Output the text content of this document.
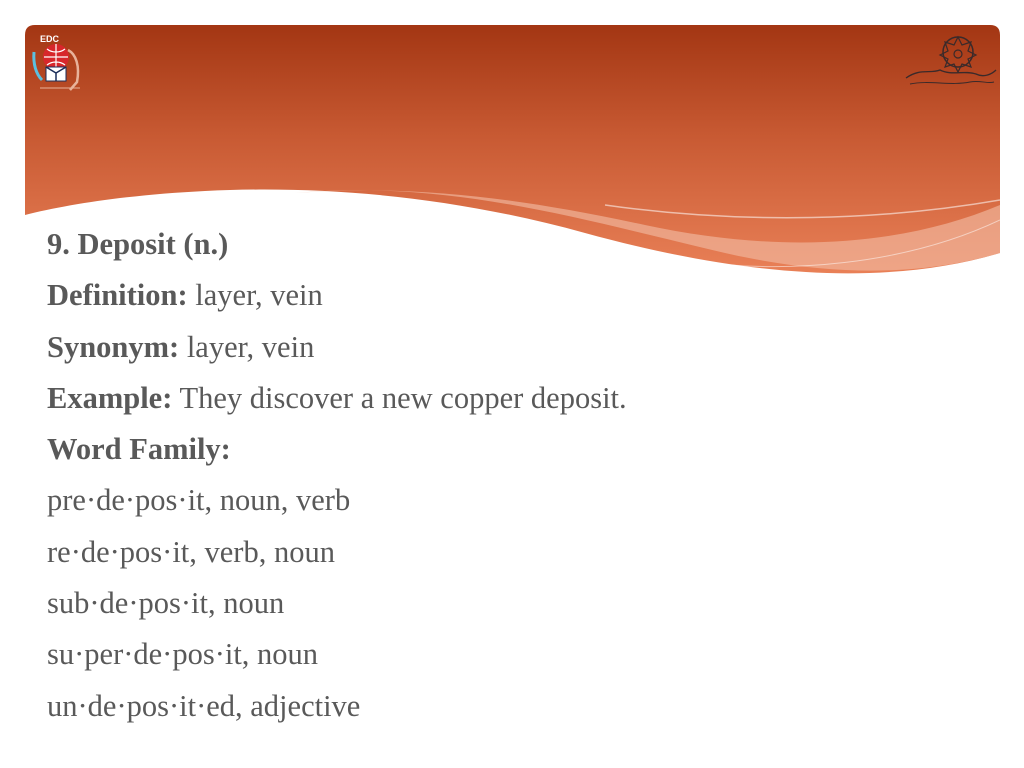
EDC
9. Deposit (n.)
Definition: layer, vein
Synonym: layer, vein
Example: They discover a new copper deposit.
Word Family:
pre·de·pos·it, noun, verb
re·de·pos·it, verb, noun
sub·de·pos·it, noun
su·per·de·pos·it, noun
un·de·pos·it·ed, adjective
